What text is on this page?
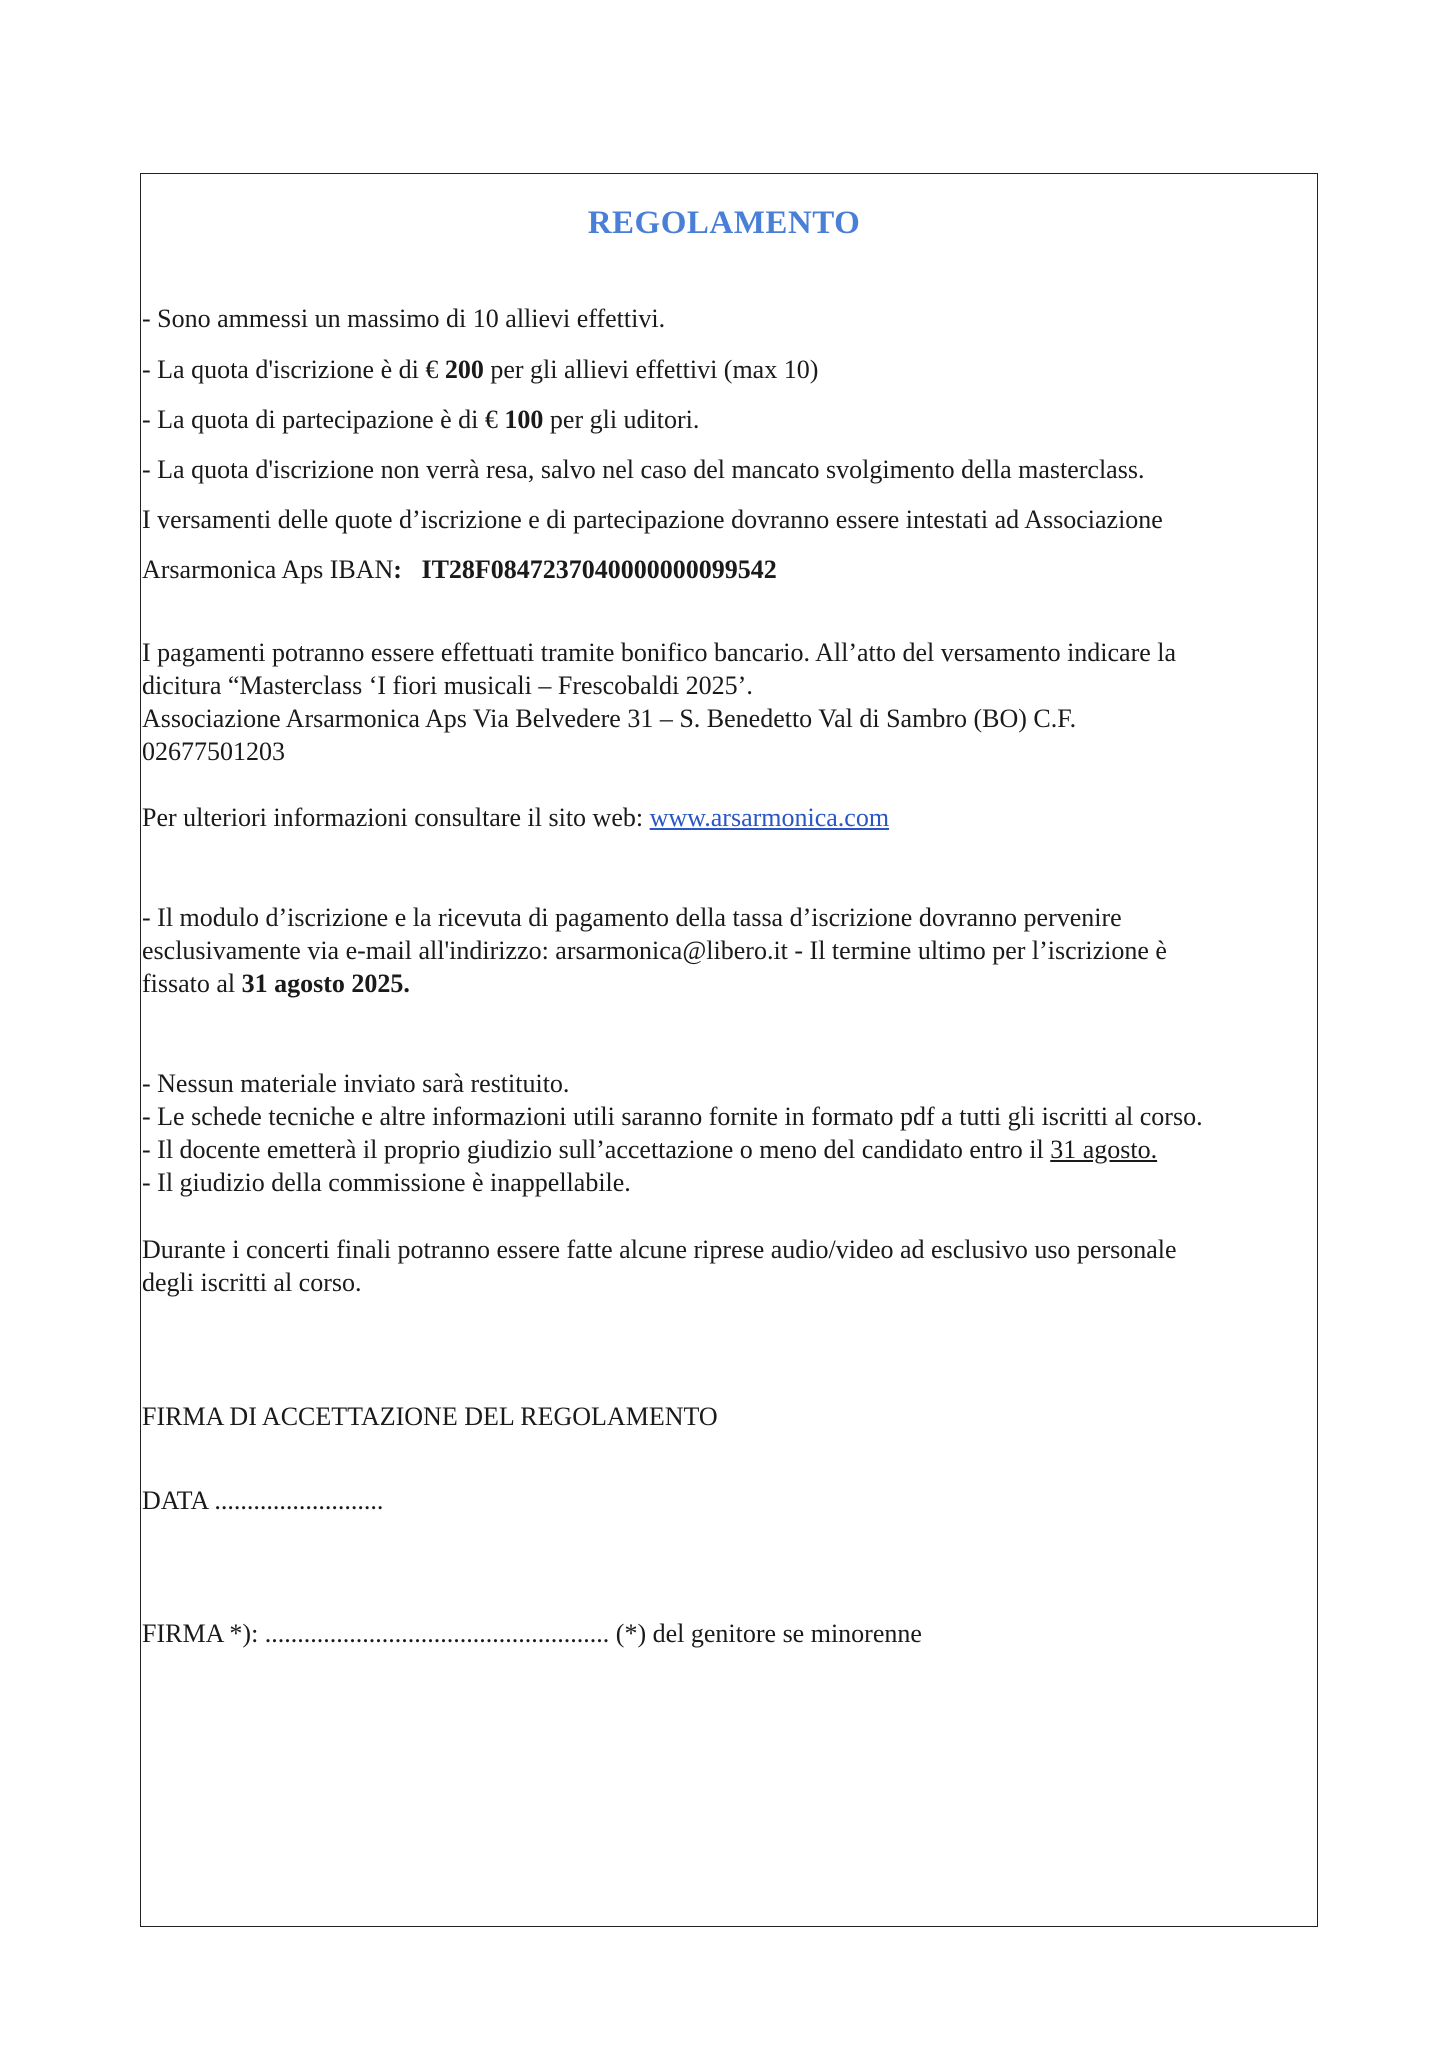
REGOLAMENTO
- Sono ammessi un massimo di 10 allievi effettivi.
- La quota d'iscrizione è di € 200 per gli allievi effettivi (max 10)
- La quota di partecipazione è di € 100 per gli uditori.
- La quota d'iscrizione non verrà resa, salvo nel caso del mancato svolgimento della masterclass.
I versamenti delle quote d’iscrizione e di partecipazione dovranno essere intestati ad Associazione
Arsarmonica Aps IBAN: IT28F0847237040000000099542
I pagamenti potranno essere effettuati tramite bonifico bancario. All’atto del versamento indicare la
dicitura “Masterclass ‘I fiori musicali – Frescobaldi 2025’.
Associazione Arsarmonica Aps Via Belvedere 31 – S. Benedetto Val di Sambro (BO) C.F.
02677501203
Per ulteriori informazioni consultare il sito web: www.arsarmonica.com
- Il modulo d’iscrizione e la ricevuta di pagamento della tassa d’iscrizione dovranno pervenire
esclusivamente via e-mail all'indirizzo: arsarmonica@libero.it - Il termine ultimo per l’iscrizione è
fissato al 31 agosto 2025.
- Nessun materiale inviato sarà restituito.
- Le schede tecniche e altre informazioni utili saranno fornite in formato pdf a tutti gli iscritti al corso.
- Il docente emetterà il proprio giudizio sull’accettazione o meno del candidato entro il 31 agosto.
- Il giudizio della commissione è inappellabile.
Durante i concerti finali potranno essere fatte alcune riprese audio/video ad esclusivo uso personale
degli iscritti al corso.
FIRMA DI ACCETTAZIONE DEL REGOLAMENTO
DATA ..........................
FIRMA *): ..................................................... (*) del genitore se minorenne
